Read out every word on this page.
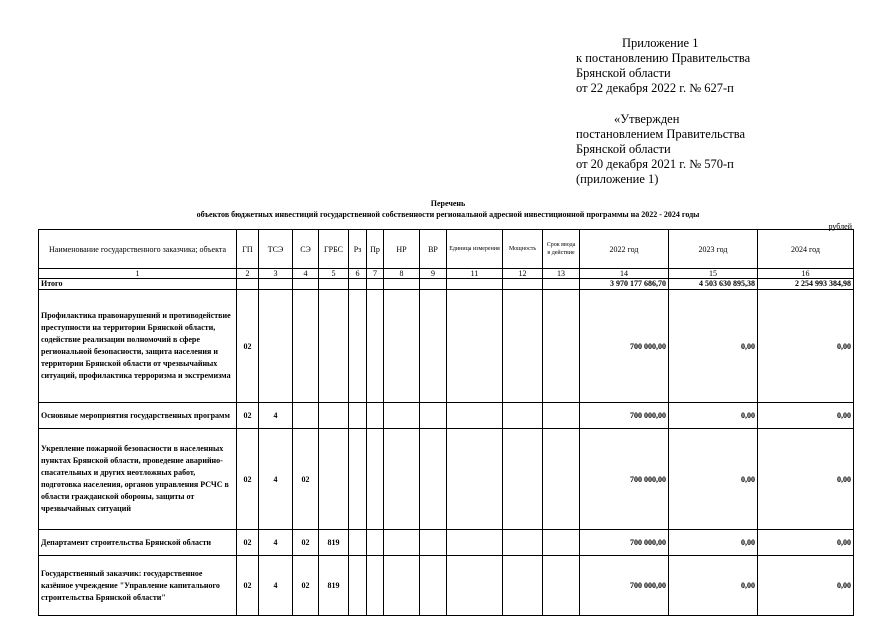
Приложение 1
к постановлению Правительства
Брянской области
от 22 декабря 2022 г. № 627-п
«Утвержден
постановлением Правительства
Брянской области
от 20 декабря 2021 г. № 570-п
(приложение 1)
Перечень
объектов бюджетных инвестиций государственной собственности региональной адресной инвестиционной программы на 2022 - 2024 годы
рублей
Наименование государственного заказчика; объекта	ГП	ТСЭ	СЭ	ГРБС	Рз	Пр	НР	ВР	Единица измерения	Мощность	Срок ввода в действие	2022 год	2023 год	2024 год
1	2	3	4	5	6	7	8	9	11	12	13	14	15	16
Итого												3 970 177 686,70	4 503 630 895,38	2 254 993 384,98
Профилактика правонарушений и противодействие преступности на территории Брянской области, содействие реализации полномочий в сфере региональной безопасности, защита населения и территории Брянской области от чрезвычайных ситуаций, профилактика терроризма и экстремизма	02											700 000,00	0,00	0,00
Основные мероприятия государственных программ	02	4										700 000,00	0,00	0,00
Укрепление пожарной безопасности в населенных пунктах Брянской области, проведение аварийно-спасательных и других неотложных работ, подготовка населения, органов управления РСЧС в области гражданской обороны, защиты от чрезвычайных ситуаций	02	4	02									700 000,00	0,00	0,00
Департамент строительства Брянской области	02	4	02	819								700 000,00	0,00	0,00
Государственный заказчик: государственное казённое учреждение "Управление капитального строительства Брянской области"	02	4	02	819								700 000,00	0,00	0,00
